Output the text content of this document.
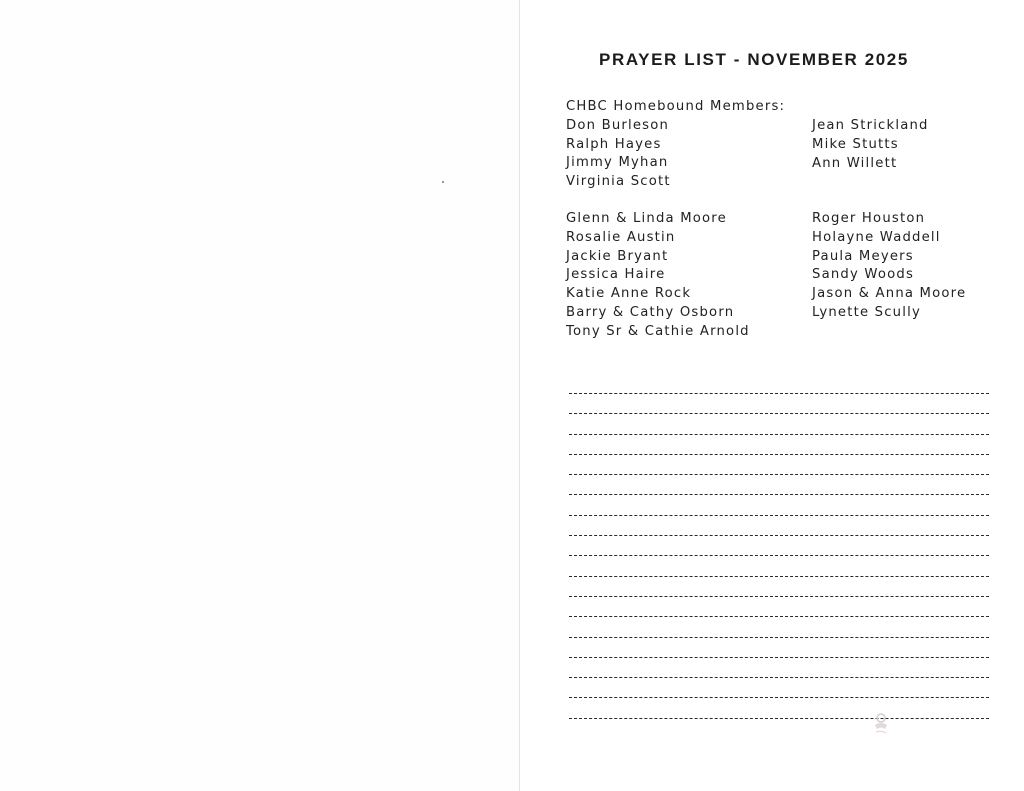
PRAYER LIST - NOVEMBER 2025
CHBC Homebound Members:
Don Burleson
Ralph Hayes
Jimmy Myhan
Virginia Scott
Jean Strickland
Mike Stutts
Ann Willett
Glenn & Linda Moore
Rosalie Austin
Jackie Bryant
Jessica Haire
Katie Anne Rock
Barry & Cathy Osborn
Tony Sr & Cathie Arnold
Roger Houston
Holayne Waddell
Paula Meyers
Sandy Woods
Jason & Anna Moore
Lynette Scully
